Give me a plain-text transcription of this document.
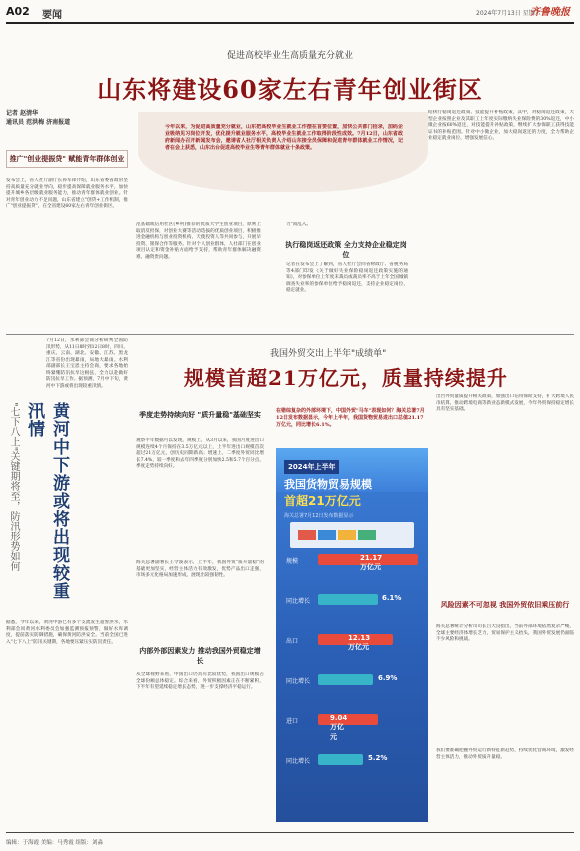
A02 要闻	2024年7月13日 星期六
齐鲁晚报
促进高校毕业生高质量充分就业
山东将建设60家左右青年创业街区
记者 赵清华
通讯员 范洪梅 济南报道
今年以来，为促进高质量充分就业，山东把高校毕业生就业工作摆在首要位置，加快公共部门招录，加码企业吸纳见习岗位开发，优化提升就业服务水平，高校毕业生就业工作取得阶段性成效。7月12日，山东省政府新闻办召开新闻发布会，邀请省人社厅相关负责人介绍山东接全员保障和促进青年群体就业工作情况，记者在会上获悉，山东出台促进高校毕业生等青年群体就业十条政策。
推广"创业提振贷" 赋能青年群体创业
发布会上，省人社厅副厅长孙军锋介绍，山东省委省政府坚持高质量充分就业导向，稳步提高保障就业服务水平，加快提升城乡各层级就业服务能力，推动青年群体就业创业。针对青年创业动力不足问题，山东省建立"创贷+工作机制，推广"创业提振贷"，在全省建设60家左右青年创业街区。
范基础或信用社区(乡村)推荐的优质大学生创业项目，原则上取消反担保，对创业大赛等活动选拔的优质创业项目，积极推进金融机构与创业投资机构、天使投资人等共同参与，开展早投资、银保合作等服务。针对个人创业群体，人社部门在创业项目认定和资金补贴方面给予支持，帮助青年群体解决融资难、融资贵问题。
力"而乱入。
执行稳岗返还政策 全力支持企业稳定岗位
记者在发布会上了解到，省人社厅会同省财政厅、省税务局等4部门印发《关于做好失业保险稳岗返还政策实施的通知》，对参保单位上年度未裁员或裁员率不高于上年全国城镇调查失业率的参保单位给予稳岗返还，支持企业稳定岗位、稳定就业。
结执行稳岗返还政策、技能提升补贴政策，其中，对稳岗返还政策，大型企业按照企业及其职工上年度实际缴纳失业保险费的30%返还，中小微企业按60%返还，对技能提升补贴政策，继续扩大参保职工获得技能证书的补贴范围。针对中小微企业，加大稳岗返还的力度，全力帮助企业稳定就业岗位、增强发展信心。
黄河中下游或将出现较重汛情
"七下八上"关键期将至，防汛形势如何
7月12日，水利部会商分析研判全国防汛形势，从11日8时到12日8时，四川、重庆、云南、湖北、安徽、江苏、黑龙江等省份出现暴雨，局地大暴雨。水利部副部长王宝恩主持会商，要求各地始终紧绷防汛抗旱这根弦，全力以赴做好防汛抗旱工作。据预测，7月中下旬，黄河中下游或将出现较重汛情。
据悉，今年以来，黄河中游已有多个支流发生超警洪水，水利部会同黄河水利委员会加强监测预报预警，做好水库调度，提前落实防御措施，确保黄河防洪安全。当前全国已进入"七下八上"防汛关键期，各地要压紧压实防汛责任。
我国外贸交出上半年"成绩单"
规模首超21万亿元，质量持续提升
季度走势持续向好 "质升量稳"基础坚实
观察半年数据可以发现，规模上，从3月以来，我国月度进出口规模连续4个月保持在3.5万亿元以上，上半年进出口规模首次超过21万亿元，创历史同期新高；增速上，二季度外贸同比增长7.4%，较一季度和去年四季度分别加快2.5和5.7个百分点，季度走势持续向好。
海关总署副署长王令浚表示，上半年，我国外贸"质升量稳"的基础更加坚实，经营主体活力有效激发，优势产品出口走强，市场多元化格局加速形成，展现出较强韧性。
内部外部因素发力 推动我国外贸稳定增长
从全球视野来看，中国出口仍具有比较优势，我国出口规模占全球份额总体稳定。综合来看，外贸积极因素正在不断累积，下半年有望延续稳定增长态势，进一步支撑经济平稳运行。
在错综复杂的外部环境下，中国外贸"马车"表现如何？海关总署7月12日发布数据显示，今年上半年，我国货物贸易进出口总值21.17万亿元，同比增长6.1%。
2024年上半年
我国货物贸易规模
首超21万亿元
海关总署7月12日发布数据显示
规模	21.17万亿元
同比增长	6.1%
出口	12.13万亿元
同比增长	6.9%
进口	9.04万亿元
同比增长	5.2%
出台外贸量质提升相关政策，加强出口信用保险支持，扩大跨境人民币结算，推动跨境电商等新业态新模式发展，今年外贸保持稳定增长具有坚实基础。
风险因素不可忽视 我国外贸依旧乘压前行
海关总署统计分析司司长吕大良指出，当前外部环境依然复杂严峻，全球主要经济体增长乏力，贸易保护主义抬头，我国外贸发展仍面临不少风险和挑战。
我们要准确把握外贸运行新特征新趋势，持续优化营商环境，激发经营主体活力，推动外贸质升量稳。
编辑：于海霞 美编：马秀霞 组版：刘淼
